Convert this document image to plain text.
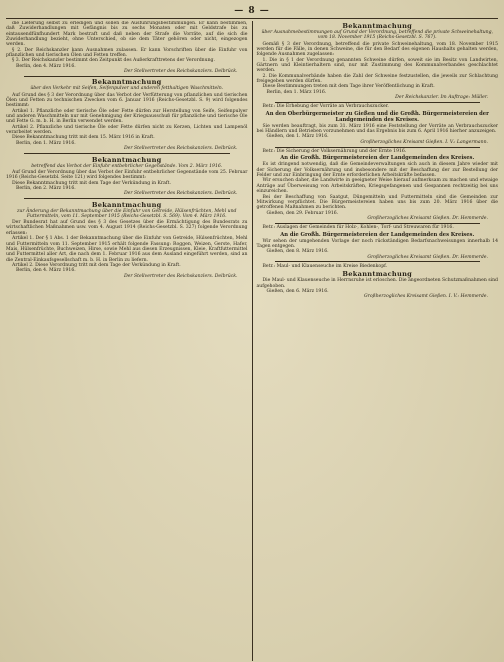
— 8 —

die Lieferung selbst zu erledigen und sollen die Ausführungsbestimmungen. Er kann bestimmen, daß Zuwiderhandlungen mit Gefängnis bis zu sechs Monaten oder mit Geldstrafe bis zu eintausendfünfhundert Mark bestraft und daß neben der Strafe die Vorräte, auf die sich die Zuwiderhandlung bezieht, ohne Unterschied, ob sie dem Täter gehören oder nicht, eingezogen werden.

§ 2. Der Reichskanzler kann Ausnahmen zulassen. Er kann Vorschriften über die Einfuhr von pflanzlichen und tierischen Ölen und Fetten treffen.

§ 3. Der Reichskanzler bestimmt den Zeitpunkt des Außerkrafttretens der Verordnung.

Berlin, den 4. März 1916.
Der Stellvertreter des Reichskanzlers. Delbrück.
Bekanntmachung
über den Verkehr mit Seifen, Seifenpulver und anderen fetthaltigen Waschmitteln.

Auf Grund des § 3 der Verordnung über das Verbot der Verfütterung von pflanzlichen und tierischen Ölen und Fetten zu technischen Zwecken vom 6. Januar 1916 (Reichs-Gesetzbl. S. 9) wird folgendes bestimmt:

Artikel 1. Pflanzliche oder tierische Öle oder Fette dürfen zur Herstellung von Seife, Seifenpulver und anderen Waschmitteln nur mit Genehmigung der Kriegsausschuß für pflanzliche und tierische Öle und Fette G. m. b. H. in Berlin verwendet werden.

Artikel 2. Pflanzliche und tierische Öle oder Fette dürfen nicht zu Kerzen, Lichten und Lampenöl verarbeitet werden.

Diese Bekanntmachung tritt mit dem 15. März 1916 in Kraft.

Berlin, den 1. März 1916.
Der Stellvertreter des Reichskanzlers. Delbrück.
Bekanntmachung
betreffend das Verbot der Einfuhr entbehrlicher Gegenstände. Vom 2. März 1916.

Auf Grund der Verordnung über das Verbot der Einfuhr entbehrlicher Gegenstände vom 25. Februar 1916 (Reichs-Gesetzbl. Seite 121) wird folgendes bestimmt:

Diese Bekanntmachung tritt mit dem Tage der Verkündung in Kraft.

Berlin, den 2. März 1916.
Der Stellvertreter des Reichskanzlers. Delbrück.
Bekanntmachung
zur Änderung der Bekanntmachung über die Einfuhr von Getreide, Hülsenfrüchten, Mehl und Futtermitteln, vom 11. September 1915 (Reichs-Gesetzbl. S. 569). Vom 4. März 1916.

Der Bundesrat hat auf Grund des § 3 des Gesetzes über die Ermächtigung des Bundesrats zu wirtschaftlichen Maßnahmen usw. vom 4. August 1914 (Reichs-Gesetzbl. S. 327) folgende Verordnung erlassen:

Artikel 1. Der § 1 Abs. 1 der Bekanntmachung über die Einfuhr von Getreide, Hülsenfrüchten, Mehl und Futtermitteln vom 11. September 1915 erhält folgende Fassung: Roggen, Weizen, Gerste, Hafer, Mais, Hülsenfrüchte, Buchweizen, Hirse, sowie Mehl aus diesen Erzeugnissen, Kleie, Kraftfuttermittel und Futtermittel aller Art, die nach dem 1. Februar 1916 aus dem Ausland eingeführt werden, sind an die Zentral-Einkaufsgesellschaft m. b. H. in Berlin zu liefern.

Artikel 2. Diese Verordnung tritt mit dem Tage der Verkündung in Kraft.

Berlin, den 4. März 1916.
Der Stellvertreter des Reichskanzlers. Delbrück.
Bekanntmachung
über Ausnahmebestimmungen auf Grund der Verordnung, betreffend die private Schweinehaltung, vom 18. November 1915 (Reichs-Gesetzbl. S. 767).

Gemäß § 3 der Verordnung, betreffend die private Schweinehaltung, vom 18. November 1915 werden für die Fälle, in denen Schweine, die für den Bedarf des eigenen Haushalts gehalten werden, folgende Ausnahmen zugelassen:

1. Die in § 1 der Verordnung genannten Schweine dürfen, soweit sie im Besitz von Landwirten, Gärtnern und Kleintierhaltern sind, nur mit Zustimmung des Kommunalverbandes geschlachtet werden.

2. Die Kommunalverbände haben die Zahl der Schweine festzustellen, die jeweils zur Schlachtung freigegeben werden dürfen.

Diese Bestimmungen treten mit dem Tage ihrer Veröffentlichung in Kraft.

Berlin, den 1. März 1916.
Der Reichskanzler. Im Auftrage: Müller.

Betr.: Die Erhebung der Vorräte an Verbrauchszucker.

An den Oberbürgermeister zu Gießen und die Großh. Bürgermeistereien der Landgemeinden des Kreises.

Sie werden beauftragt, bis zum 31. März 1916 eine Feststellung der Vorräte an Verbrauchszucker bei Händlern und Betrieben vorzunehmen und das Ergebnis bis zum 6. April 1916 hierher anzuzeigen.

Gießen, den 1. März 1916.
Großherzogliches Kreisamt Gießen. I. V.: Langermann.

Betr.: Die Sicherung der Volksernährung und der Ernte 1916.

An die Großh. Bürgermeistereien der Landgemeinden des Kreises.

Es ist dringend notwendig, daß die Gemeindeverwaltungen sich auch in diesem Jahre wieder mit der Sicherung der Volksernährung und insbesondere mit der Beschaffung der zur Bestellung der Felder und zur Einbringung der Ernte erforderlichen Arbeitskräfte befassen.

Wir ersuchen daher, die Landwirte in geeigneter Weise hierauf aufmerksam zu machen und etwaige Anträge auf Überweisung von Arbeitskräften, Kriegsgefangenen und Gespannen rechtzeitig bei uns einzureichen.

Bei der Beschaffung von Saatgut, Düngemitteln und Futtermitteln sind die Gemeinden zur Mitwirkung verpflichtet. Die Bürgermeistereien haben uns bis zum 20. März 1916 über die getroffenen Maßnahmen zu berichten.

Gießen, den 29. Februar 1916.
Großherzogliches Kreisamt Gießen. Dr. Hemmerde.

Betr.: Auslagen der Gemeinden für Holz-, Kohlen-, Torf- und Streuwaren für 1916.

An die Großh. Bürgermeistereien der Landgemeinden des Kreises.

Wir sehen der umgehenden Vorlage der noch rückständigen Bedarfsnachweisungen innerhalb 14 Tagen entgegen.

Gießen, den 8. März 1916.
Großherzogliches Kreisamt Gießen. Dr. Hemmerde.

Betr.: Maul- und Klauenseuche im Kreise Biedenkopf.

Bekanntmachung

Die Maul- und Klauenseuche in Herrnsruhe ist erloschen. Die angeordneten Schutzmaßnahmen sind aufgehoben.

Gießen, den 6. März 1916.
Großherzogliches Kreisamt Gießen. I. V.: Hemmerde.
